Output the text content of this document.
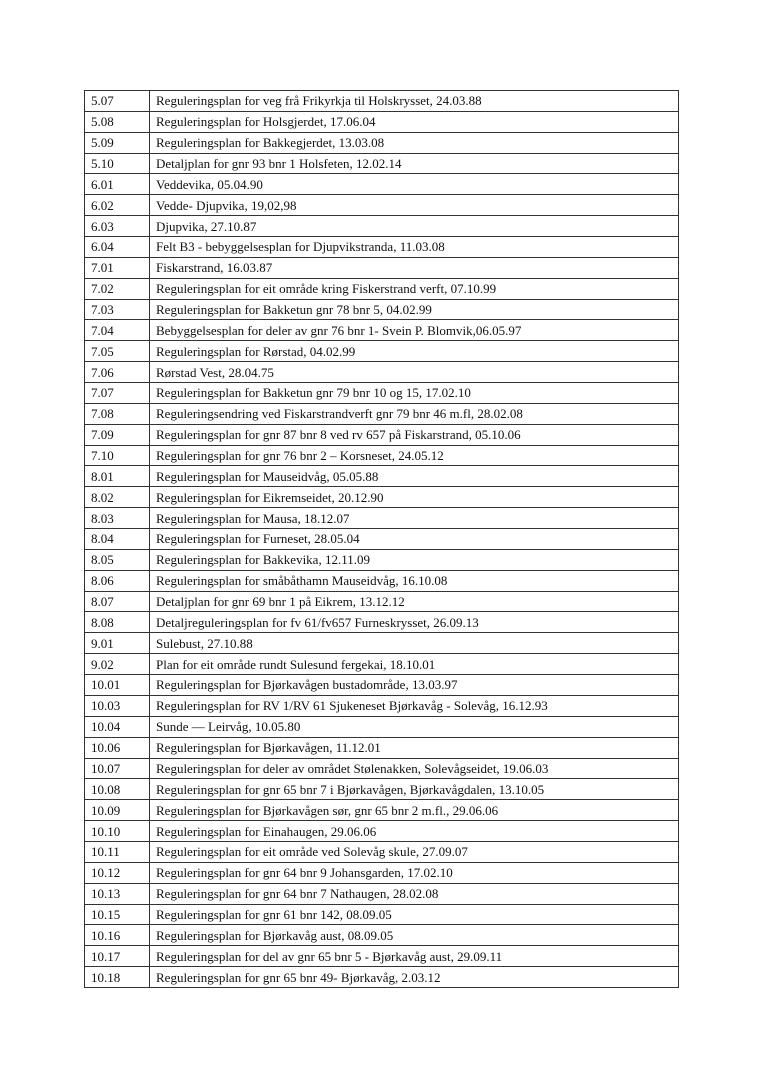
5.07	Reguleringsplan for veg frå Frikyrkja til Holskrysset, 24.03.88
5.08	Reguleringsplan for Holsgjerdet, 17.06.04
5.09	Reguleringsplan for Bakkegjerdet, 13.03.08
5.10	Detaljplan for gnr 93 bnr 1 Holsfeten, 12.02.14
6.01	Veddevika, 05.04.90
6.02	Vedde- Djupvika, 19,02,98
6.03	Djupvika, 27.10.87
6.04	Felt B3 - bebyggelsesplan for Djupvikstranda, 11.03.08
7.01	Fiskarstrand, 16.03.87
7.02	Reguleringsplan for eit område kring Fiskerstrand verft, 07.10.99
7.03	Reguleringsplan for Bakketun gnr 78 bnr 5, 04.02.99
7.04	Bebyggelsesplan for deler av gnr 76 bnr 1- Svein P. Blomvik,06.05.97
7.05	Reguleringsplan for Rørstad, 04.02.99
7.06	Rørstad Vest, 28.04.75
7.07	Reguleringsplan for Bakketun gnr 79 bnr 10 og 15, 17.02.10
7.08	Reguleringsendring ved Fiskarstrandverft gnr 79 bnr 46 m.fl, 28.02.08
7.09	Reguleringsplan for gnr 87 bnr 8 ved rv 657 på Fiskarstrand, 05.10.06
7.10	Reguleringsplan for gnr 76 bnr 2 – Korsneset, 24.05.12
8.01	Reguleringsplan for Mauseidvåg, 05.05.88
8.02	Reguleringsplan for Eikremseidet, 20.12.90
8.03	Reguleringsplan for Mausa, 18.12.07
8.04	Reguleringsplan for Furneset, 28.05.04
8.05	Reguleringsplan for Bakkevika, 12.11.09
8.06	Reguleringsplan for småbåthamn Mauseidvåg, 16.10.08
8.07	Detaljplan for gnr 69 bnr 1 på Eikrem, 13.12.12
8.08	Detaljreguleringsplan for fv 61/fv657 Furneskrysset, 26.09.13
9.01	Sulebust, 27.10.88
9.02	Plan for eit område rundt Sulesund fergekai, 18.10.01
10.01	Reguleringsplan for Bjørkavågen bustadområde, 13.03.97
10.03	Reguleringsplan for RV 1/RV 61 Sjukeneset Bjørkavåg - Solevåg, 16.12.93
10.04	Sunde — Leirvåg, 10.05.80
10.06	Reguleringsplan for Bjørkavågen, 11.12.01
10.07	Reguleringsplan for deler av området Stølenakken, Solevågseidet, 19.06.03
10.08	Reguleringsplan for gnr 65 bnr 7 i Bjørkavågen, Bjørkavågdalen, 13.10.05
10.09	Reguleringsplan for Bjørkavågen sør, gnr 65 bnr 2 m.fl., 29.06.06
10.10	Reguleringsplan for Einahaugen, 29.06.06
10.11	Reguleringsplan for eit område ved Solevåg skule, 27.09.07
10.12	Reguleringsplan for gnr 64 bnr 9 Johansgarden, 17.02.10
10.13	Reguleringsplan for gnr 64 bnr 7 Nathaugen, 28.02.08
10.15	Reguleringsplan for gnr 61 bnr 142, 08.09.05
10.16	Reguleringsplan for Bjørkavåg aust, 08.09.05
10.17	Reguleringsplan for del av gnr 65 bnr 5 - Bjørkavåg aust, 29.09.11
10.18	Reguleringsplan for gnr 65 bnr 49- Bjørkavåg, 2.03.12
